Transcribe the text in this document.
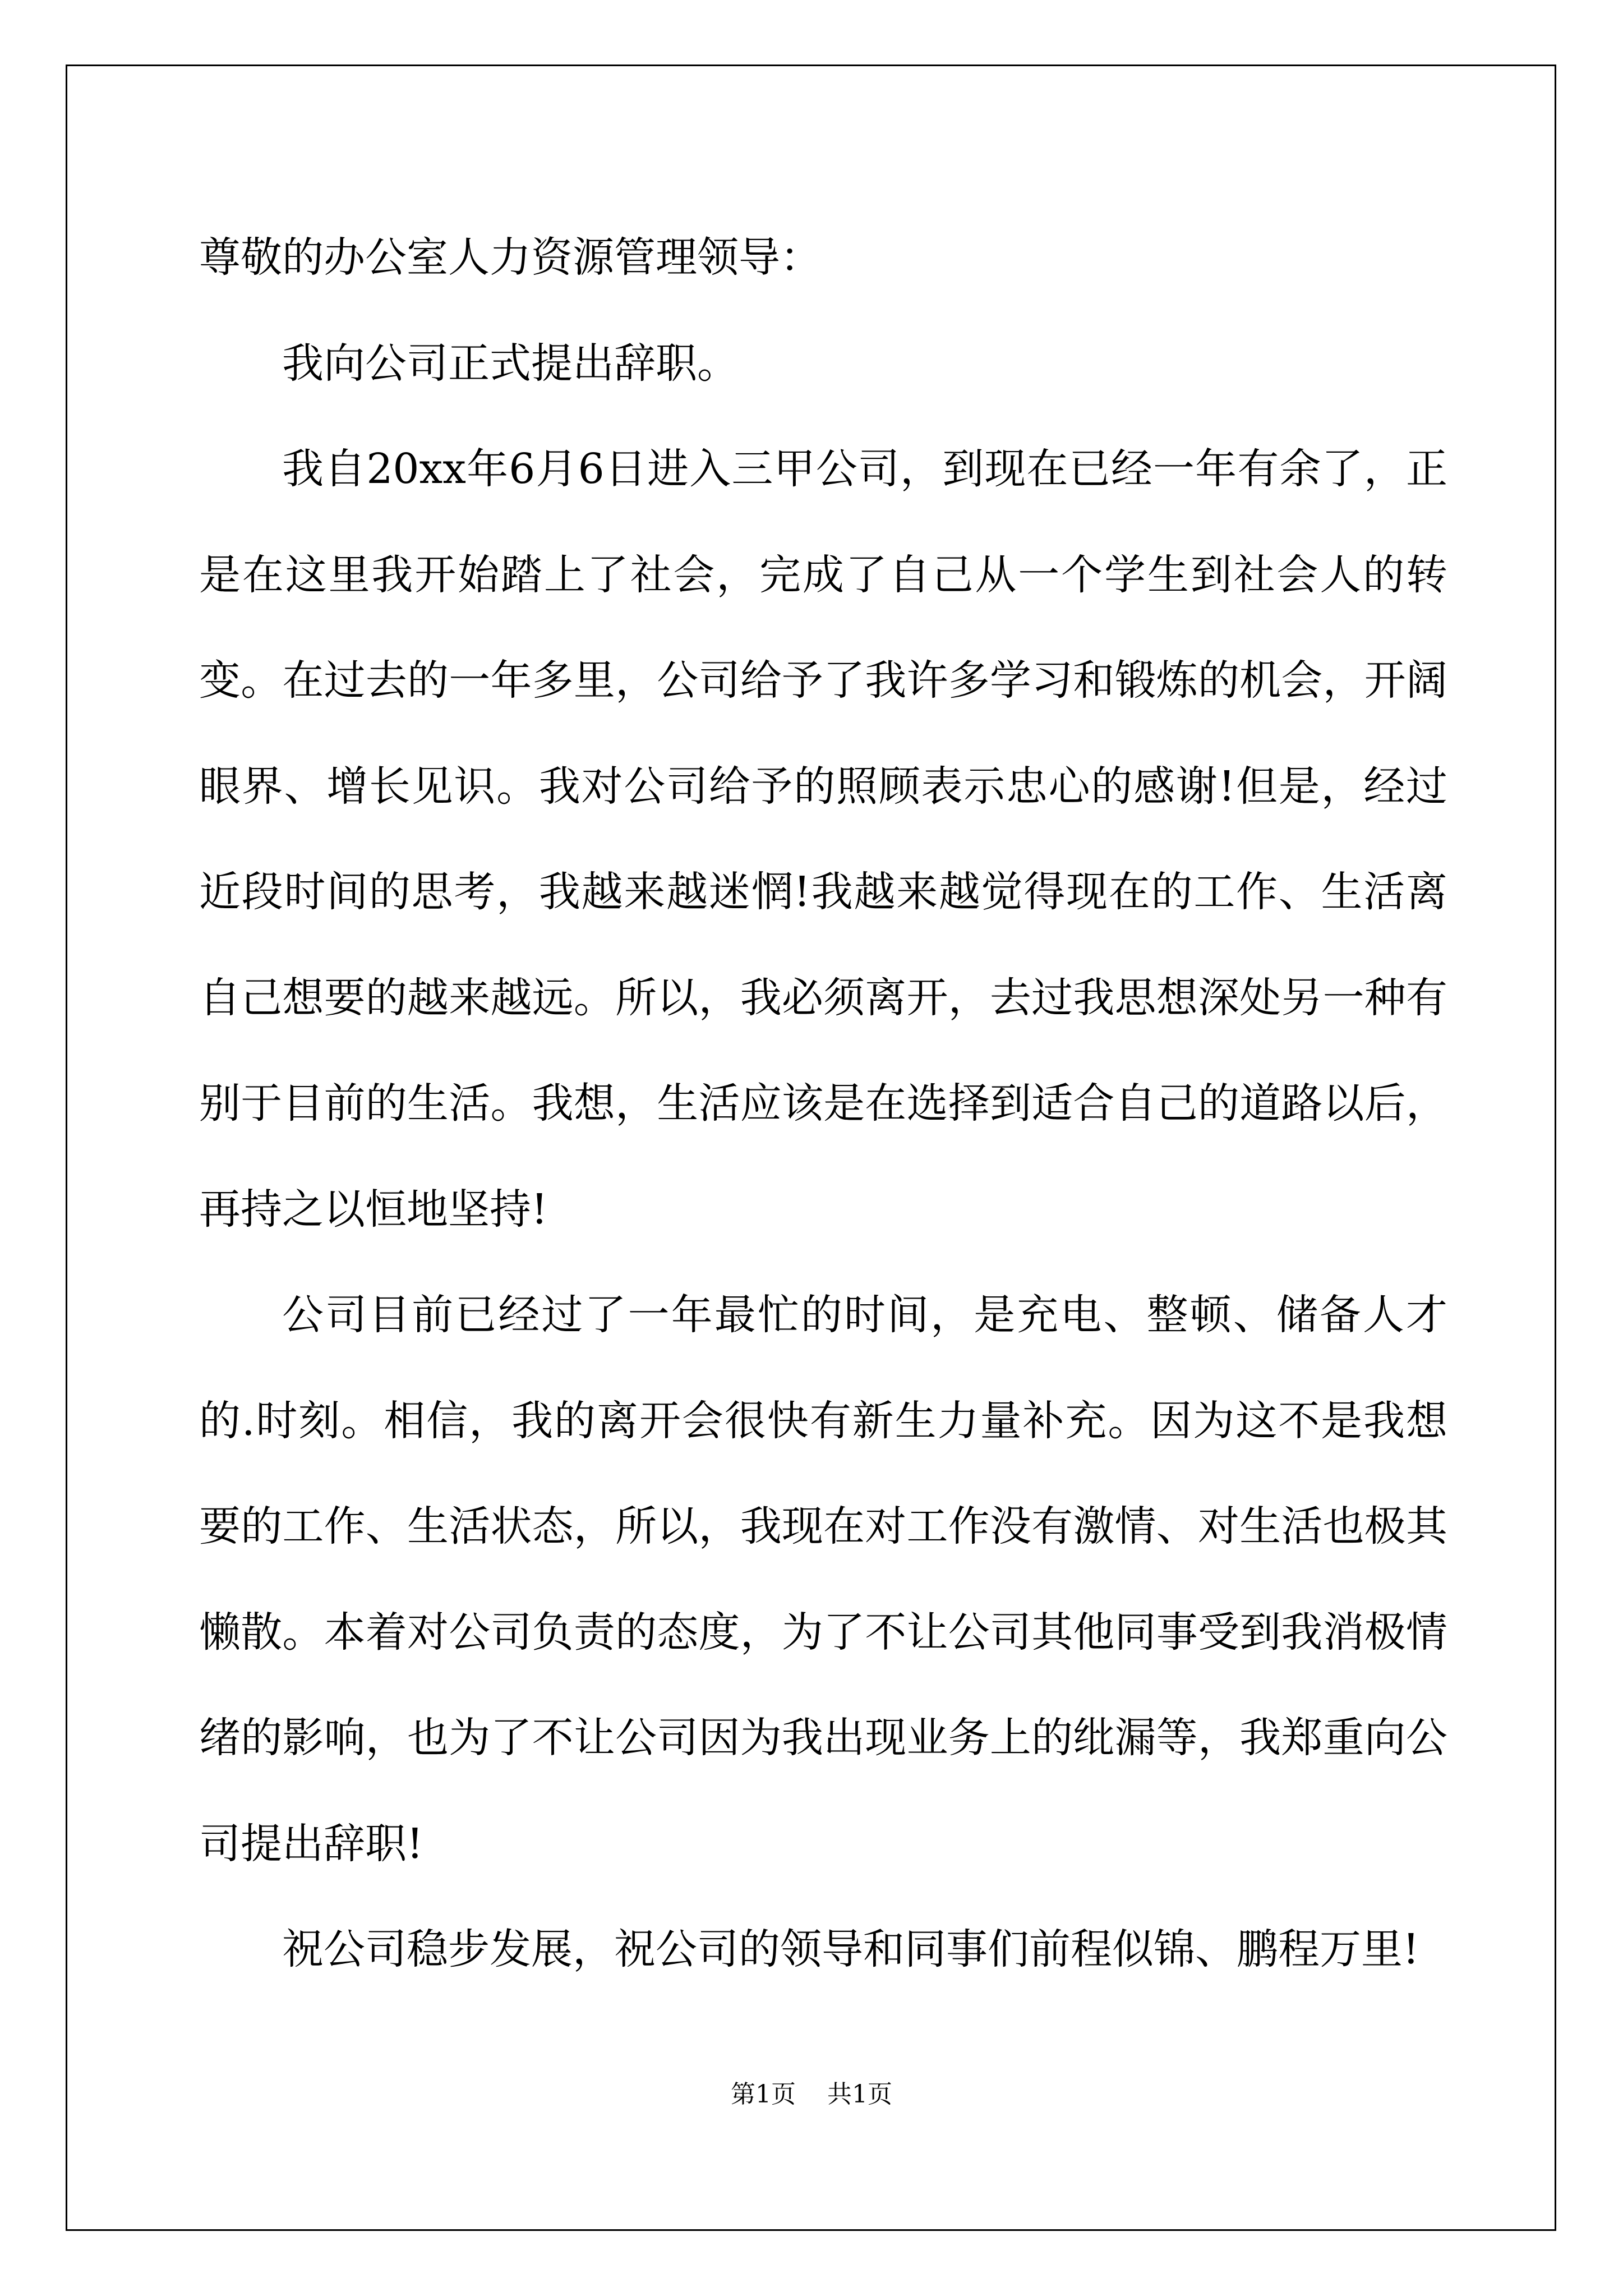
尊敬的办公室人力资源管理领导：

我向公司正式提出辞职。

我自20xx年6月6日进入三甲公司，到现在已经一年有余了，正是在这里我开始踏上了社会，完成了自己从一个学生到社会人的转变。在过去的一年多里，公司给予了我许多学习和锻炼的机会，开阔眼界、增长见识。我对公司给予的照顾表示忠心的感谢!但是，经过近段时间的思考，我越来越迷惘!我越来越觉得现在的工作、生活离自己想要的越来越远。所以，我必须离开，去过我思想深处另一种有别于目前的生活。我想，生活应该是在选择到适合自己的道路以后，再持之以恒地坚持!

公司目前已经过了一年最忙的时间，是充电、整顿、储备人才的.时刻。相信，我的离开会很快有新生力量补充。因为这不是我想要的工作、生活状态，所以，我现在对工作没有激情、对生活也极其懒散。本着对公司负责的态度，为了不让公司其他同事受到我消极情绪的影响，也为了不让公司因为我出现业务上的纰漏等，我郑重向公司提出辞职!

祝公司稳步发展，祝公司的领导和同事们前程似锦、鹏程万里!

第1页 共1页
